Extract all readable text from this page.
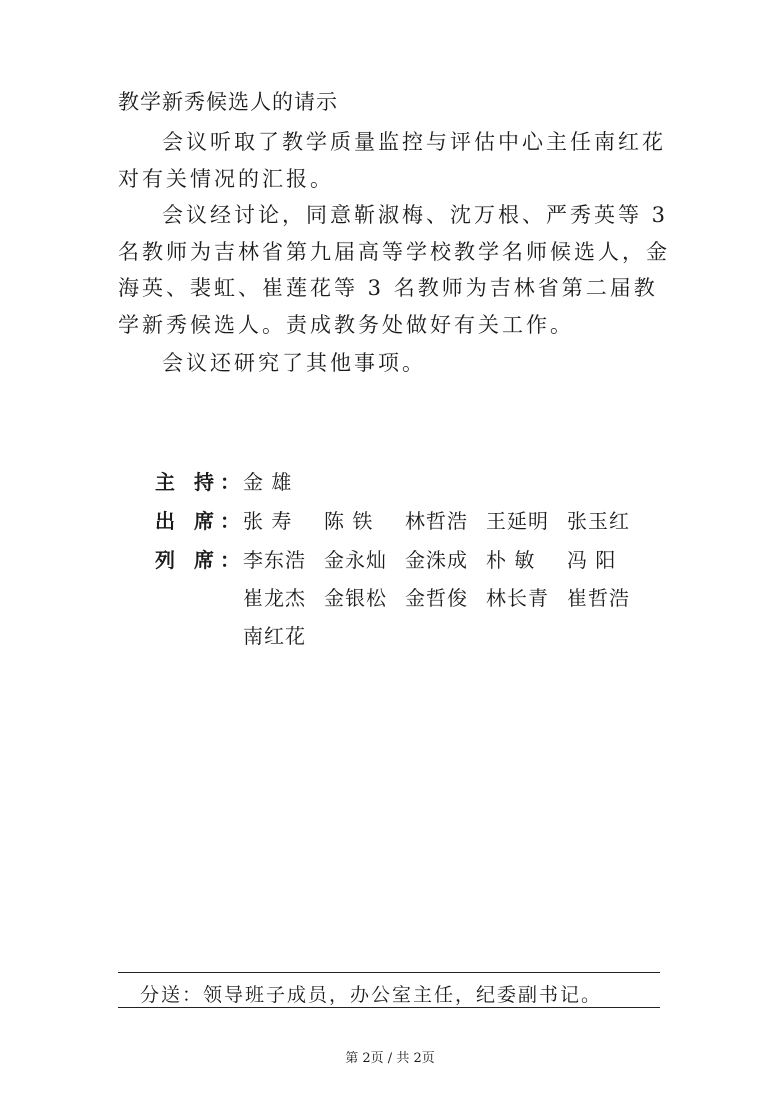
教学新秀候选人的请示
会议听取了教学质量监控与评估中心主任南红花对有关情况的汇报。
会议经讨论，同意靳淑梅、沈万根、严秀英等 3 名教师为吉林省第九届高等学校教学名师候选人，金海英、裴虹、崔莲花等 3 名教师为吉林省第二届教学新秀候选人。责成教务处做好有关工作。
会议还研究了其他事项。
主 持：金 雄
出 席：张 寿 陈 铁 林哲浩 王延明 张玉红
列 席：李东浩 金永灿 金洙成 朴 敏 冯 阳
崔龙杰 金银松 金哲俊 林长青 崔哲浩
南红花
分送：领导班子成员，办公室主任，纪委副书记。
第 2页 / 共 2页
